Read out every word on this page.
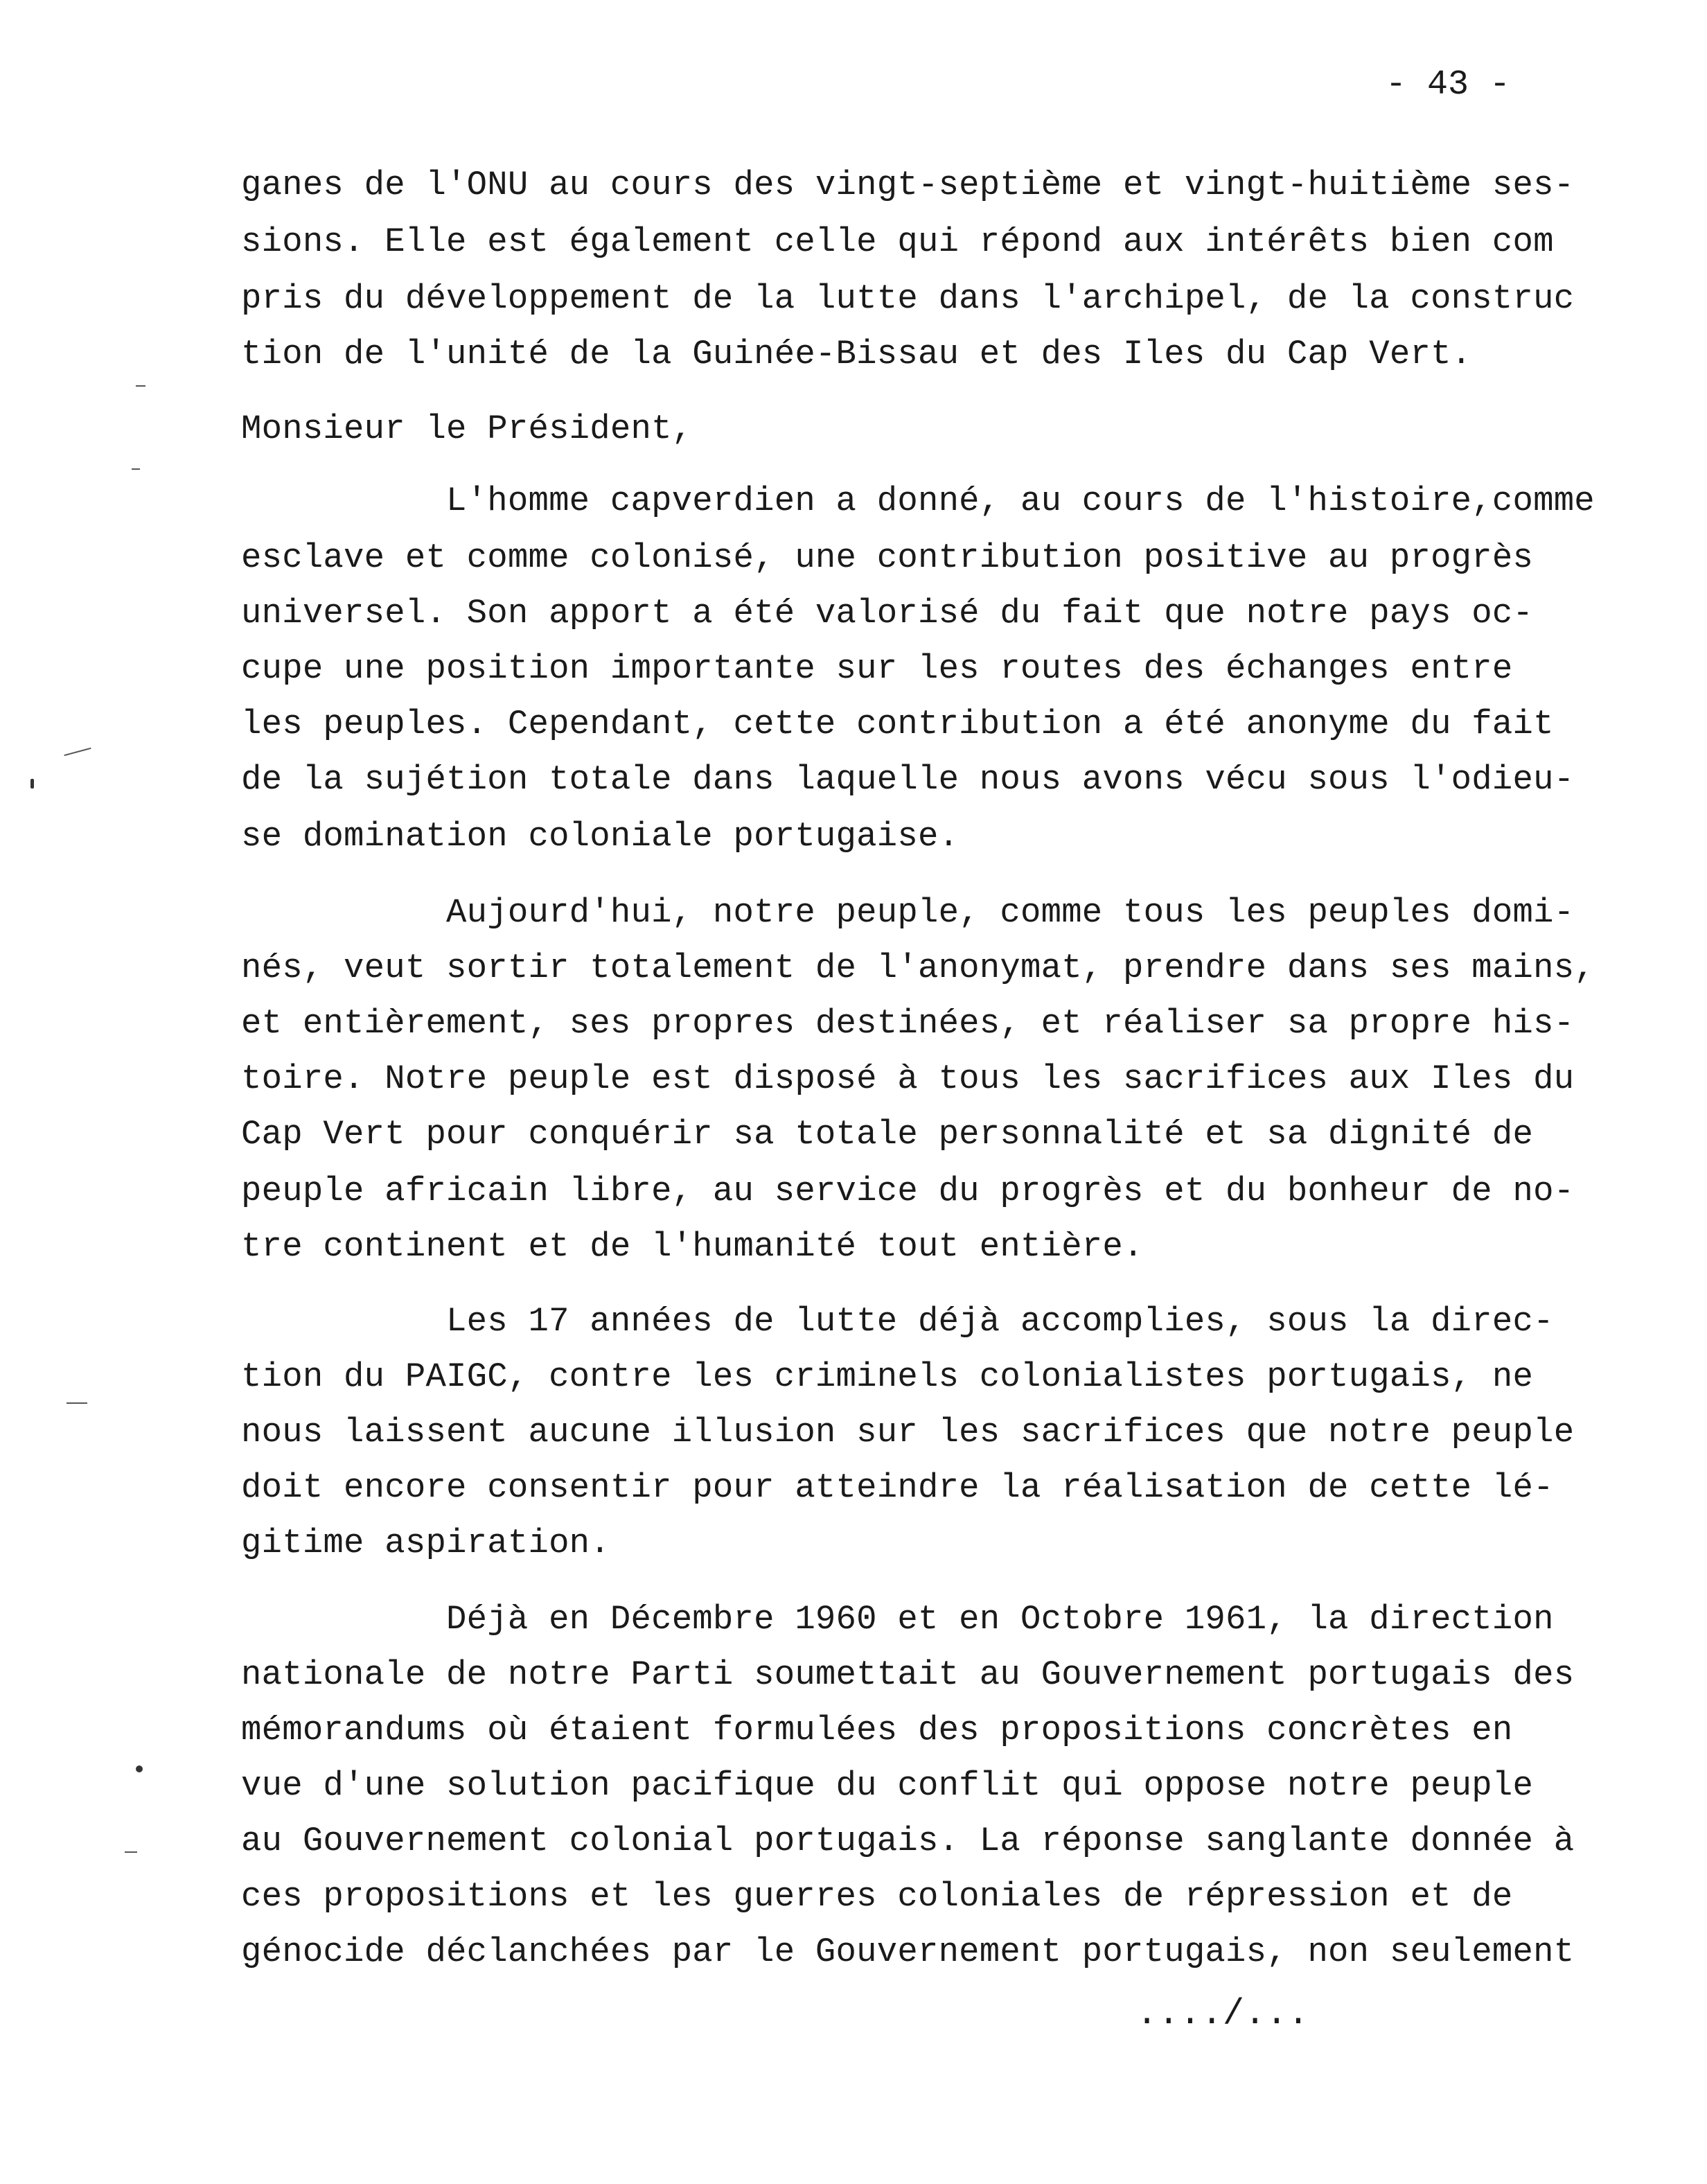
- 43 -
ganes de l'ONU au cours des vingt-septième et vingt-huitième ses-
sions. Elle est également celle qui répond aux intérêts bien com
pris du développement de la lutte dans l'archipel, de la construc
tion de l'unité de la Guinée-Bissau et des Iles du Cap Vert.
Monsieur le Président,
L'homme capverdien a donné, au cours de l'histoire,comme
esclave et comme colonisé, une contribution positive au progrès
universel. Son apport a été valorisé du fait que notre pays oc-
cupe une position importante sur les routes des échanges entre
les peuples. Cependant, cette contribution a été anonyme du fait
de la sujétion totale dans laquelle nous avons vécu sous l'odieu-
se domination coloniale portugaise.
Aujourd'hui, notre peuple, comme tous les peuples domi-
nés, veut sortir totalement de l'anonymat, prendre dans ses mains,
et entièrement, ses propres destinées, et réaliser sa propre his-
toire. Notre peuple est disposé à tous les sacrifices aux Iles du
Cap Vert pour conquérir sa totale personnalité et sa dignité de
peuple africain libre, au service du progrès et du bonheur de no-
tre continent et de l'humanité tout entière.
Les 17 années de lutte déjà accomplies, sous la direc-
tion du PAIGC, contre les criminels colonialistes portugais, ne
nous laissent aucune illusion sur les sacrifices que notre peuple
doit encore consentir pour atteindre la réalisation de cette lé-
gitime aspiration.
Déjà en Décembre 1960 et en Octobre 1961, la direction
nationale de notre Parti soumettait au Gouvernement portugais des
mémorandums où étaient formulées des propositions concrètes en
vue d'une solution pacifique du conflit qui oppose notre peuple
au Gouvernement colonial portugais. La réponse sanglante donnée à
ces propositions et les guerres coloniales de répression et de
génocide déclanchées par le Gouvernement portugais, non seulement
..../...
